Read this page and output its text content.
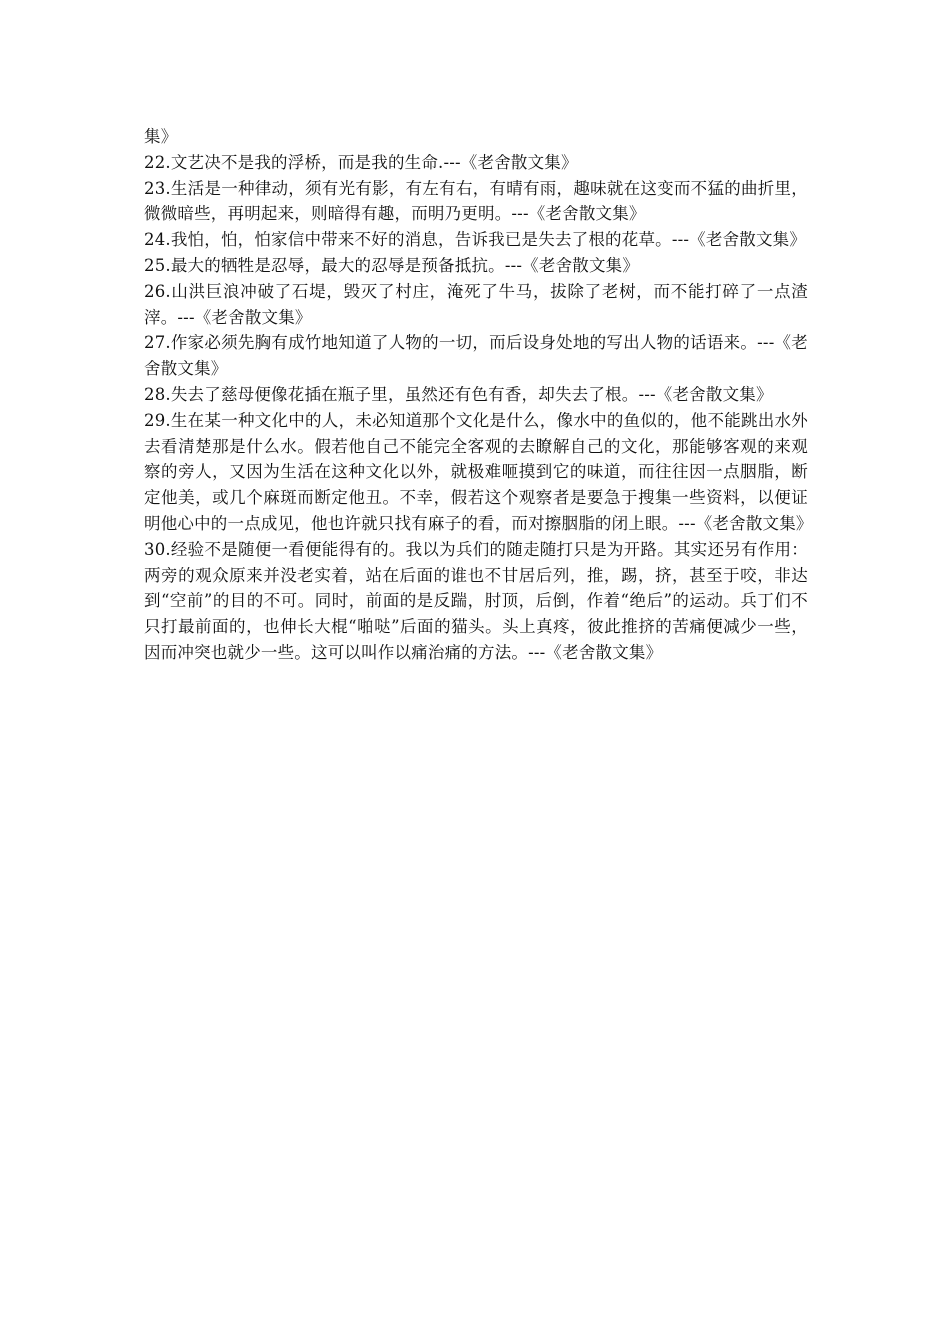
集》

22.文艺决不是我的浮桥，而是我的生命.---《老舍散文集》

23.生活是一种律动，须有光有影，有左有右，有晴有雨，趣味就在这变而不猛的曲折里，微微暗些，再明起来，则暗得有趣，而明乃更明。---《老舍散文集》

24.我怕，怕，怕家信中带来不好的消息，告诉我已是失去了根的花草。---《老舍散文集》

25.最大的牺牲是忍辱，最大的忍辱是预备抵抗。---《老舍散文集》

26.山洪巨浪冲破了石堤，毁灭了村庄，淹死了牛马，拔除了老树，而不能打碎了一点渣滓。---《老舍散文集》

27.作家必须先胸有成竹地知道了人物的一切，而后设身处地的写出人物的话语来。---《老舍散文集》

28.失去了慈母便像花插在瓶子里，虽然还有色有香，却失去了根。---《老舍散文集》

29.生在某一种文化中的人，未必知道那个文化是什么，像水中的鱼似的，他不能跳出水外去看清楚那是什么水。假若他自己不能完全客观的去瞭解自己的文化，那能够客观的来观察的旁人，又因为生活在这种文化以外，就极难咂摸到它的味道，而往往因一点胭脂，断定他美，或几个麻斑而断定他丑。不幸，假若这个观察者是要急于搜集一些资料，以便证明他心中的一点成见，他也许就只找有麻子的看，而对擦胭脂的闭上眼。---《老舍散文集》

30.经验不是随便一看便能得有的。我以为兵们的随走随打只是为开路。其实还另有作用：两旁的观众原来并没老实着，站在后面的谁也不甘居后列，推，踢，挤，甚至于咬，非达到“空前”的目的不可。同时，前面的是反踹，肘顶，后倒，作着“绝后”的运动。兵丁们不只打最前面的，也伸长大棍“啪哒”后面的猫头。头上真疼，彼此推挤的苦痛便减少一些，因而冲突也就少一些。这可以叫作以痛治痛的方法。---《老舍散文集》
